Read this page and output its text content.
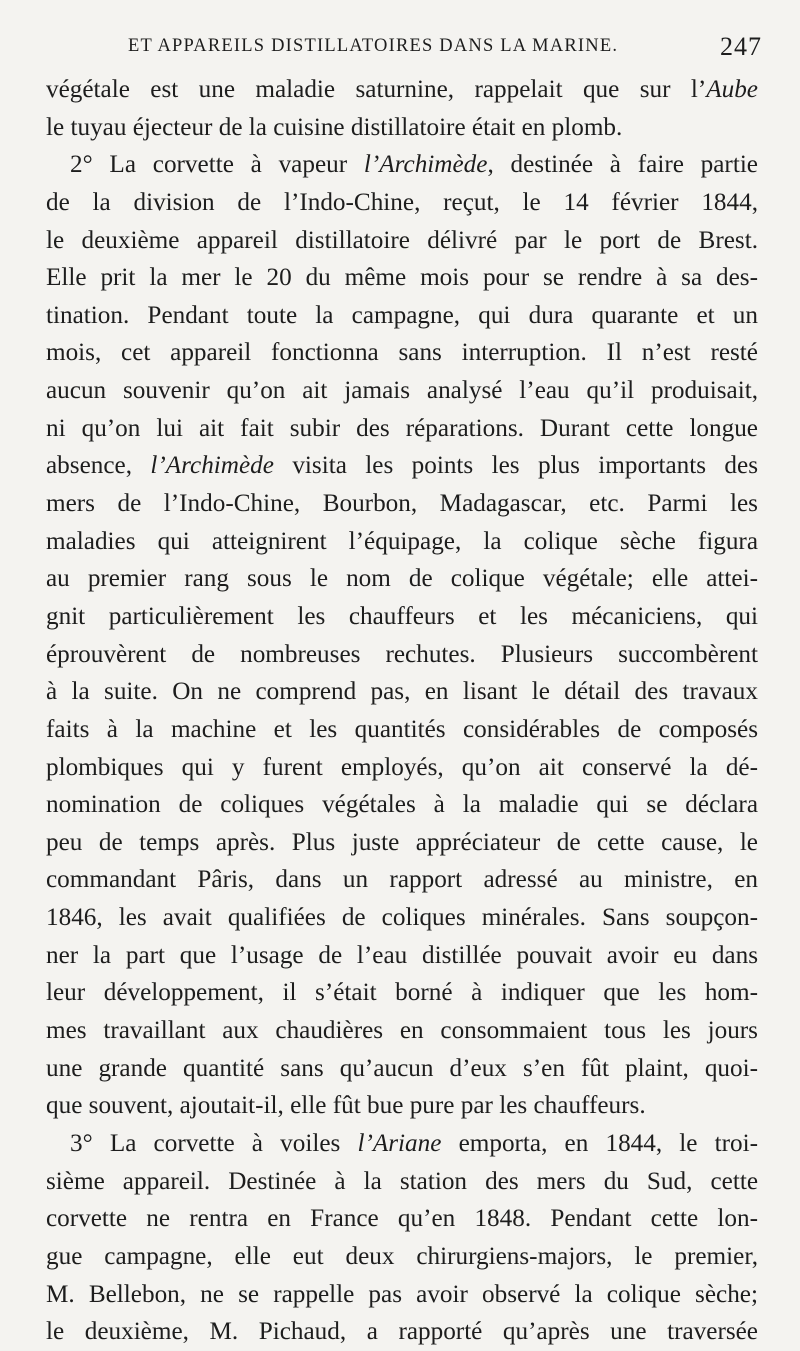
ET APPAREILS DISTILLATOIRES DANS LA MARINE.	247
végétale est une maladie saturnine, rappelait que sur l’Aube
le tuyau éjecteur de la cuisine distillatoire était en plomb.
2° La corvette à vapeur l’Archimède, destinée à faire partie
de la division de l’Indo-Chine, reçut, le 14 février 1844,
le deuxième appareil distillatoire délivré par le port de Brest.
Elle prit la mer le 20 du même mois pour se rendre à sa des-
tination. Pendant toute la campagne, qui dura quarante et un
mois, cet appareil fonctionna sans interruption. Il n’est resté
aucun souvenir qu’on ait jamais analysé l’eau qu’il produisait,
ni qu’on lui ait fait subir des réparations. Durant cette longue
absence, l’Archimède visita les points les plus importants des
mers de l’Indo-Chine, Bourbon, Madagascar, etc. Parmi les
maladies qui atteignirent l’équipage, la colique sèche figura
au premier rang sous le nom de colique végétale; elle attei-
gnit particulièrement les chauffeurs et les mécaniciens, qui
éprouvèrent de nombreuses rechutes. Plusieurs succombèrent
à la suite. On ne comprend pas, en lisant le détail des travaux
faits à la machine et les quantités considérables de composés
plombiques qui y furent employés, qu’on ait conservé la dé-
nomination de coliques végétales à la maladie qui se déclara
peu de temps après. Plus juste appréciateur de cette cause, le
commandant Pâris, dans un rapport adressé au ministre, en
1846, les avait qualifiées de coliques minérales. Sans soupçon-
ner la part que l’usage de l’eau distillée pouvait avoir eu dans
leur développement, il s’était borné à indiquer que les hom-
mes travaillant aux chaudières en consommaient tous les jours
une grande quantité sans qu’aucun d’eux s’en fût plaint, quoi-
que souvent, ajoutait-il, elle fût bue pure par les chauffeurs.
3° La corvette à voiles l’Ariane emporta, en 1844, le troi-
sième appareil. Destinée à la station des mers du Sud, cette
corvette ne rentra en France qu’en 1848. Pendant cette lon-
gue campagne, elle eut deux chirurgiens-majors, le premier,
M. Bellebon, ne se rappelle pas avoir observé la colique sèche;
le deuxième, M. Pichaud, a rapporté qu’après une traversée
